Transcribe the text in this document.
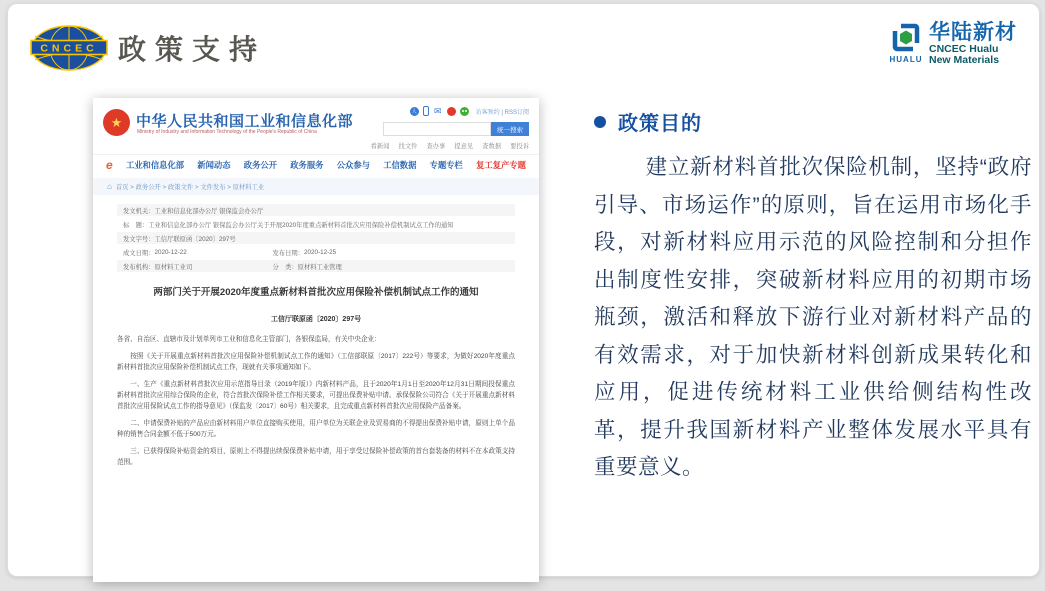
CNCEC 政策支持	HUALU
华陆新材
CNCEC Hualu
New Materials
★ 中华人民共和国工业和信息化部
Ministry of Industry and Information Technology of the People's Republic of China
人 ✉	访客预约 | RSS订阅
统一搜索
看新闻 找文件 查办事 提意见 查数据 要投诉
e 工业和信息化部 新闻动态 政务公开 政务服务 公众参与 工信数据 专题专栏 复工复产专题
⌂ 首页 > 政务公开 > 政策文件 > 文件发布 > 原材料工业
发文机关： 工业和信息化部办公厅 银保监会办公厅
标　题： 工业和信息化部办公厅 银保监会办公厅关于开展2020年度重点新材料首批次应用保险补偿机制试点工作的通知
发文字号： 工信厅联原函〔2020〕297号
成文日期： 2020-12-22	发布日期： 2020-12-25
发布机构： 原材料工业司	分　类： 原材料工业管理
两部门关于开展2020年度重点新材料首批次应用保险补偿机制试点工作的通知
工信厅联原函〔2020〕297号

各省、自治区、直辖市及计划单列市工业和信息化主管部门，各银保监局，有关中央企业：

按照《关于开展重点新材料首批次应用保险补偿机制试点工作的通知》（工信部联原〔2017〕222号）等要求，为做好2020年度重点新材料首批次应用保险补偿机制试点工作，现就有关事项通知如下。

一、生产《重点新材料首批次应用示范指导目录（2019年版）》内新材料产品，且于2020年1月1日至2020年12月31日期间投保重点新材料首批次应用综合保险的企业，符合首批次保险补偿工作相关要求，可提出保费补贴申请。承保保险公司符合《关于开展重点新材料首批次应用保险试点工作的指导意见》（保监发〔2017〕60号）相关要求，且完成重点新材料首批次应用保险产品备案。

二、申请保费补贴的产品应由新材料用户单位直接购买使用，用户单位为关联企业及贸易商的不得提出保费补贴申请，原则上单个品种的销售合同金额不低于500万元。

三、已获得保险补贴资金的项目，原则上不得提出续保保费补贴申请，用于享受过保险补偿政策的首台套装备的材料不在本政策支持范围。

政策目的
建立新材料首批次保险机制，坚持“政府引导、市场运作”的原则，旨在运用市场化手段，对新材料应用示范的风险控制和分担作出制度性安排，突破新材料应用的初期市场瓶颈，激活和释放下游行业对新材料产品的有效需求，对于加快新材料创新成果转化和应用，促进传统材料工业供给侧结构性改革，提升我国新材料产业整体发展水平具有重要意义。
